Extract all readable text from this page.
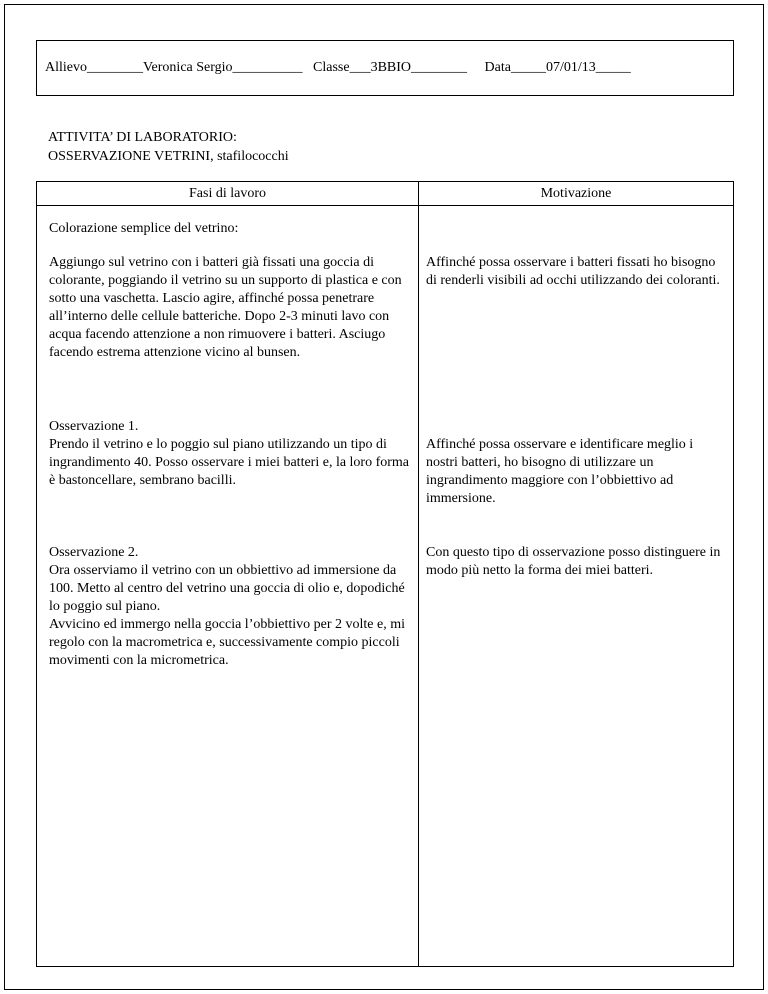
Allievo________Veronica Sergio__________   Classe___3BBIO________     Data_____07/01/13_____
ATTIVITA’ DI LABORATORIO:
OSSERVAZIONE VETRINI, stafilococchi
Fasi di lavoro	Motivazione
Colorazione semplice del vetrino:
Aggiungo sul vetrino con i batteri già fissati una goccia di colorante, poggiando il vetrino su un supporto di plastica e con sotto una vaschetta. Lascio agire, affinché possa penetrare all’interno delle cellule batteriche. Dopo 2-3 minuti lavo con acqua facendo attenzione a non rimuovere i batteri. Asciugo facendo estrema attenzione vicino al bunsen.
Affinché possa osservare i batteri fissati ho bisogno di renderli visibili ad occhi utilizzando dei coloranti.
Osservazione 1.
Prendo il vetrino e lo poggio sul piano utilizzando un tipo di ingrandimento 40. Posso osservare i miei batteri e, la loro forma è bastoncellare, sembrano bacilli.
Affinché possa osservare e identificare meglio i nostri batteri, ho bisogno di utilizzare un ingrandimento maggiore con l’obbiettivo ad immersione.
Osservazione 2.
Ora osserviamo il vetrino con un obbiettivo ad immersione da 100. Metto al centro del vetrino una goccia di olio e, dopodiché lo poggio sul piano.
Avvicino ed immergo nella goccia l’obbiettivo per 2 volte e, mi regolo con la macrometrica e, successivamente compio piccoli movimenti con la micrometrica.
Con questo tipo di osservazione posso distinguere in modo più netto la forma dei miei batteri.
